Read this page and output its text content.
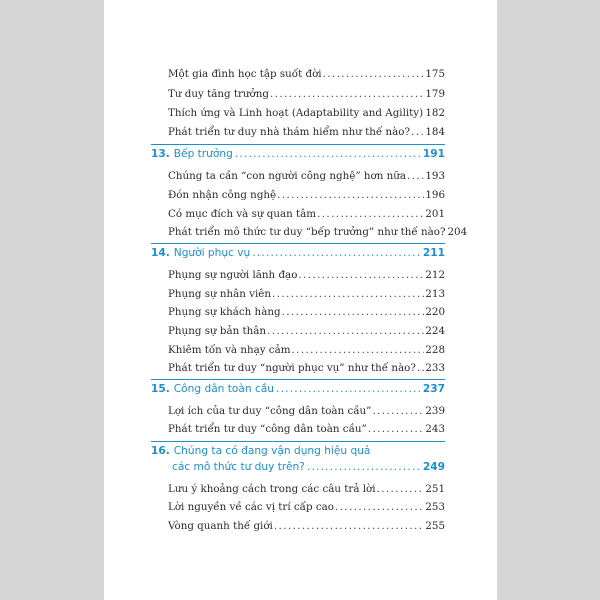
Một gia đình học tập suốt đời .....	175
Tư duy tăng trưởng .....	179
Thích ứng và Linh hoạt (Adaptability and Agility) ..... 182
Phát triển tư duy nhà thám hiểm như thế nào? ..... 184
13. Bếp trưởng .....	191
Chúng ta cần “con người công nghệ” hơn nữa ..... 193
Đón nhận công nghệ .....	196
Có mục đích và sự quan tâm .....	201
Phát triển mô thức tư duy “bếp trưởng” như thế nào? 204
14. Người phục vụ .....	211
Phụng sự người lãnh đạo .....	212
Phụng sự nhân viên .....	213
Phụng sự khách hàng .....	220
Phụng sự bản thân .....	224
Khiêm tốn và nhạy cảm .....	228
Phát triển tư duy “người phục vụ” như thế nào? ..... 233
15. Công dân toàn cầu .....	237
Lợi ích của tư duy “công dân toàn cầu” .....	239
Phát triển tư duy “công dân toàn cầu” .....	243
16. Chúng ta có đang vận dụng hiệu quả
các mô thức tư duy trên? .....	249
Lưu ý khoảng cách trong các câu trả lời .....	251
Lời nguyền về các vị trí cấp cao .....	253
Vòng quanh thế giới .....	255
